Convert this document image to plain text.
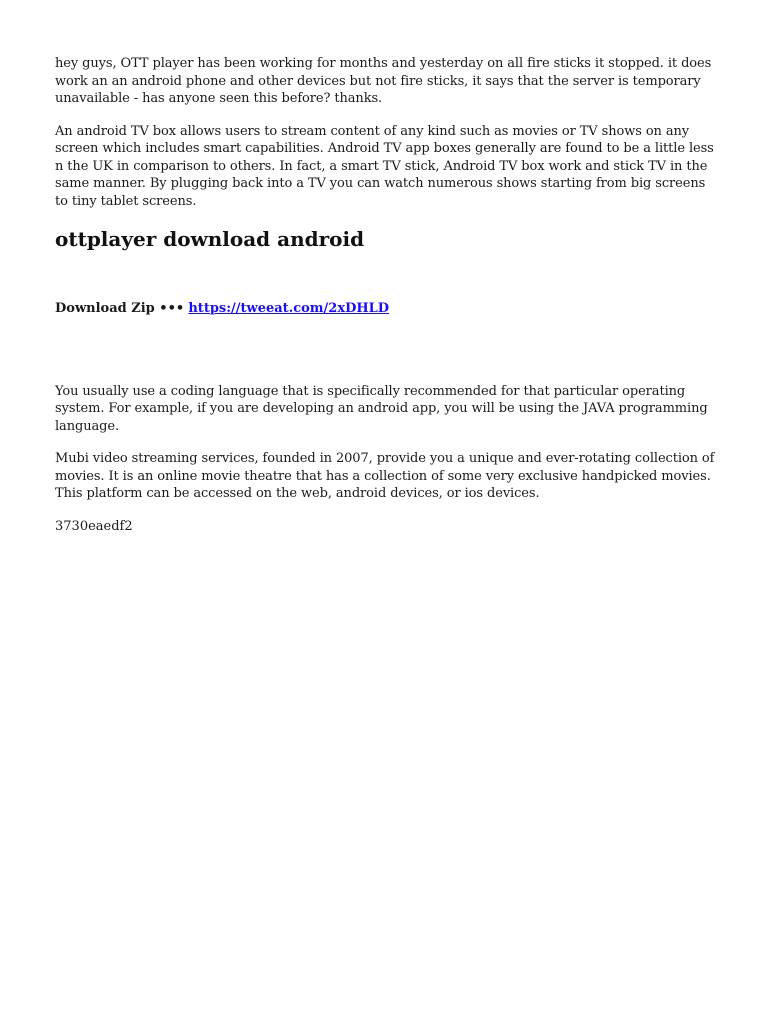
hey guys, OTT player has been working for months and yesterday on all fire sticks it stopped. it does work an an android phone and other devices but not fire sticks, it says that the server is temporary unavailable - has anyone seen this before? thanks.

An android TV box allows users to stream content of any kind such as movies or TV shows on any screen which includes smart capabilities. Android TV app boxes generally are found to be a little less n the UK in comparison to others. In fact, a smart TV stick, Android TV box work and stick TV in the same manner. By plugging back into a TV you can watch numerous shows starting from big screens to tiny tablet screens.

ottplayer download android

Download Zip ••• https://tweeat.com/2xDHLD

You usually use a coding language that is specifically recommended for that particular operating system. For example, if you are developing an android app, you will be using the JAVA programming language.

Mubi video streaming services, founded in 2007, provide you a unique and ever-rotating collection of movies. It is an online movie theatre that has a collection of some very exclusive handpicked movies. This platform can be accessed on the web, android devices, or ios devices.

3730eaedf2
